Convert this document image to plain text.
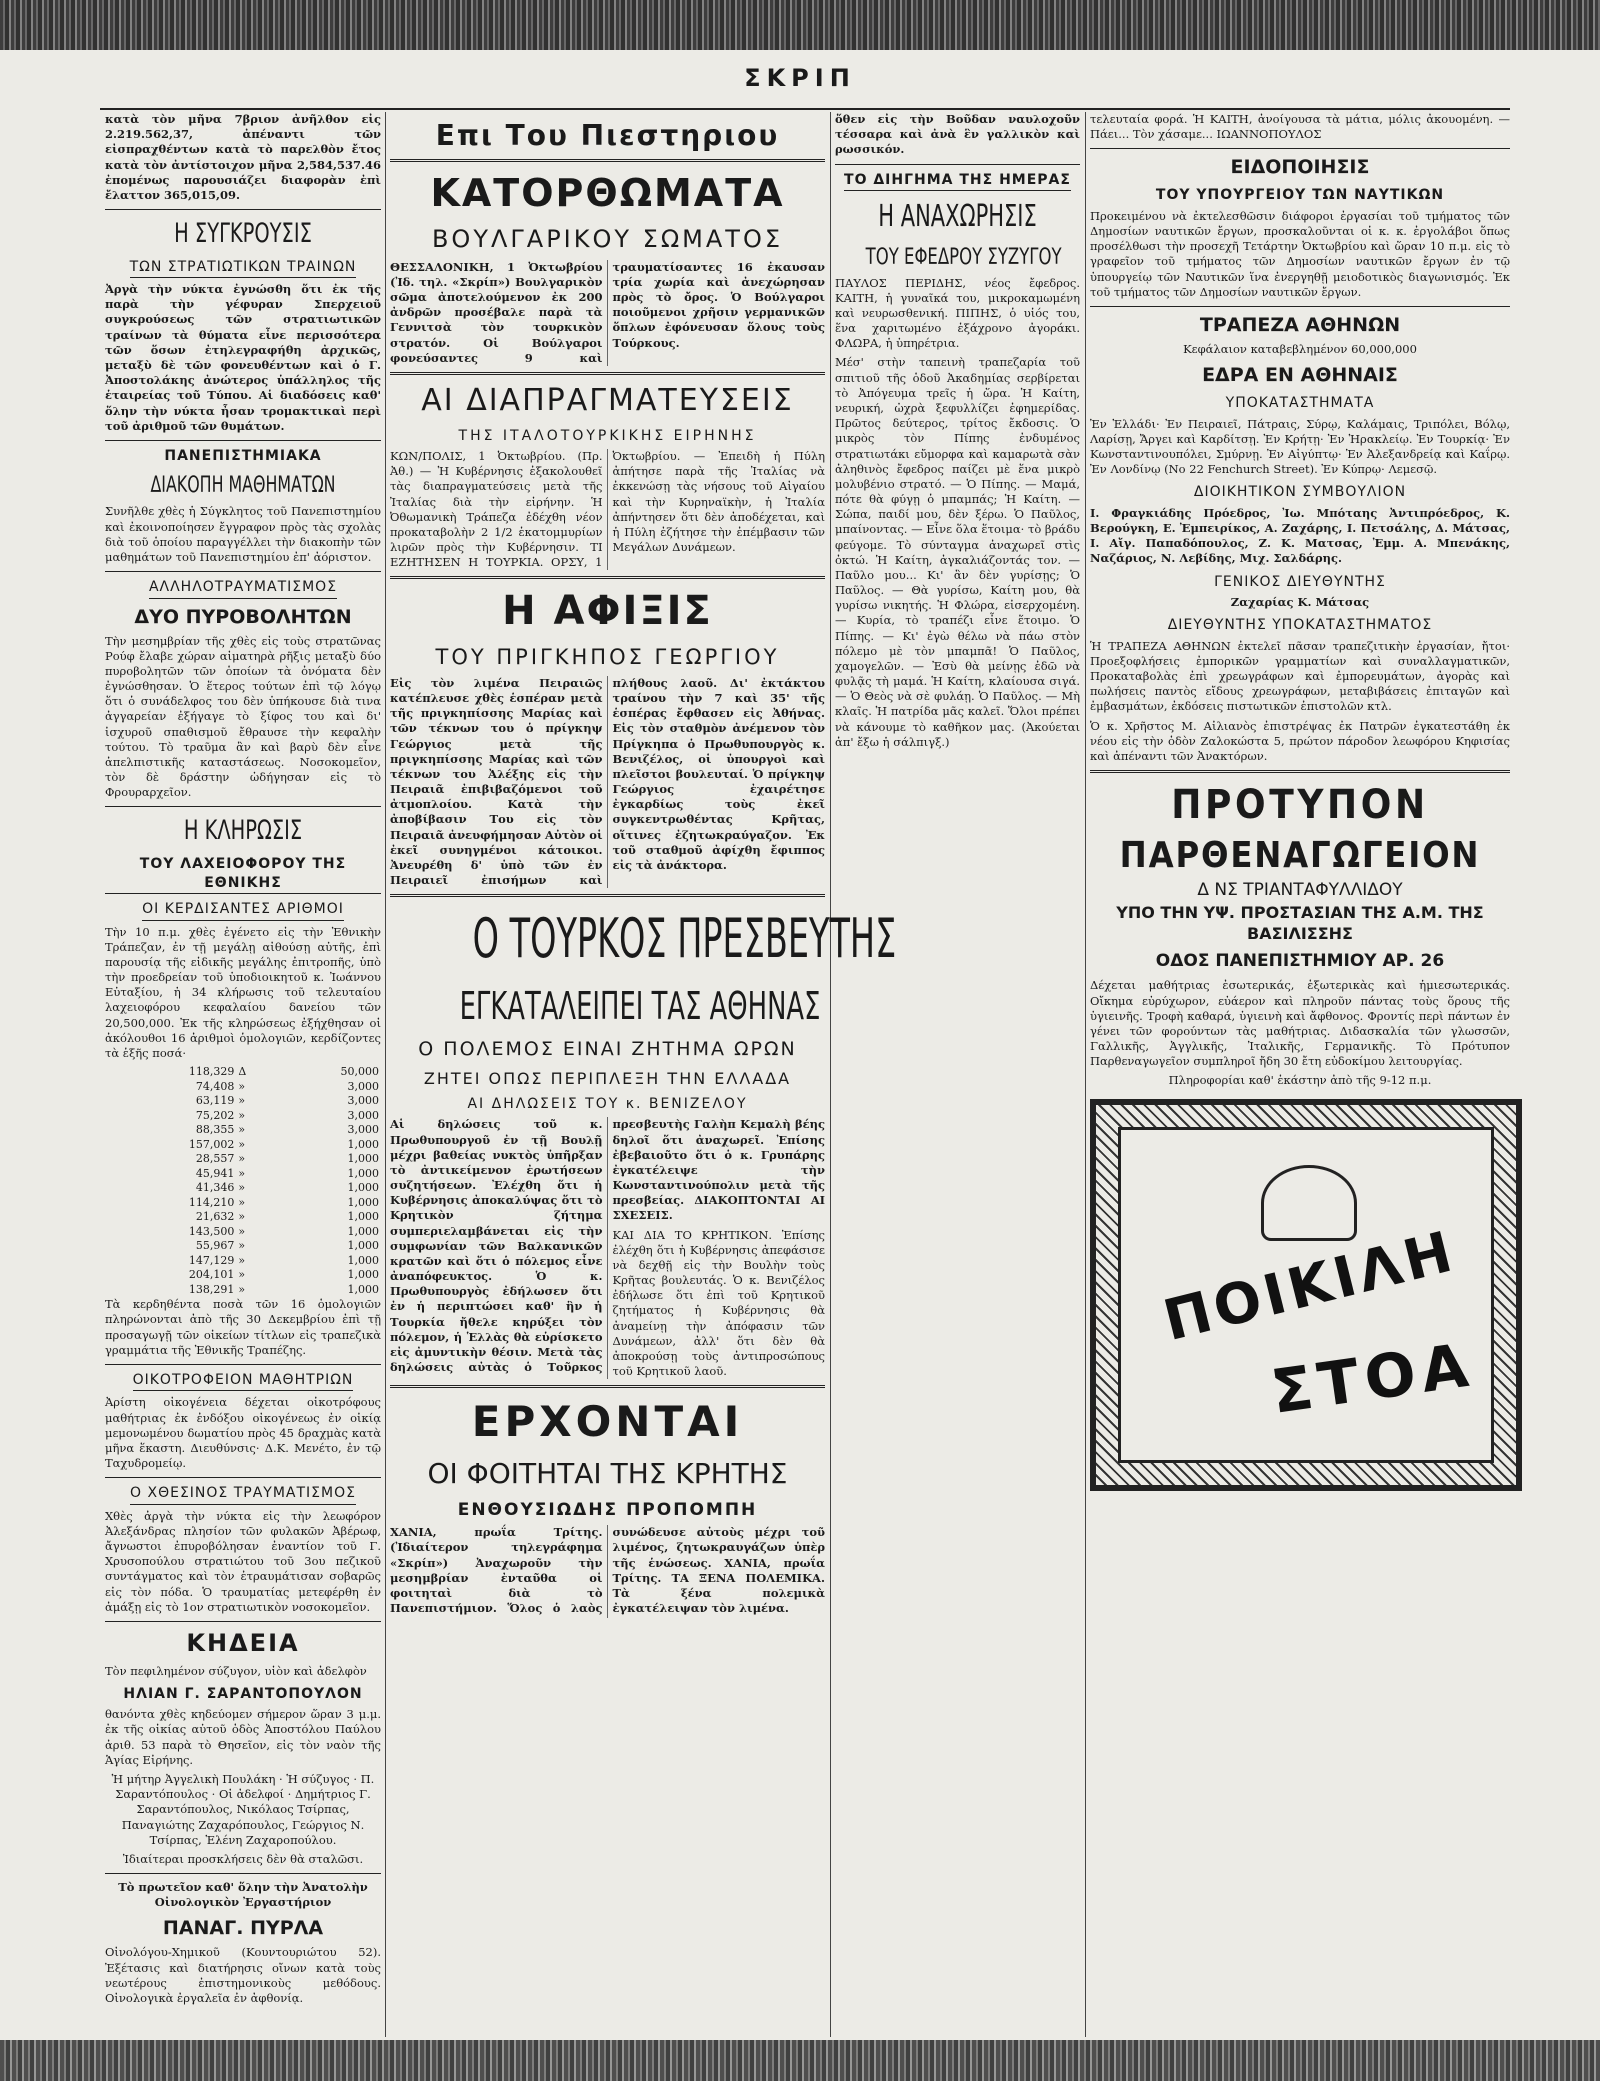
ΣΚΡΙΠ

κατὰ τὸν μῆνα 7βριον ἀνῆλθον εἰς 2.219.562,37, ἀπέναντι τῶν εἰσπραχθέντων κατὰ τὸ παρελθὸν ἔτος κατὰ τὸν ἀντίστοιχον μῆνα 2,584,537.46 ἐπομένως παρουσιάζει διαφορὰν ἐπὶ ἔλαττον 365,015,09.

Η ΣΥΓΚΡΟΥΣΙΣ
ΤΩΝ ΣΤΡΑΤΙΩΤΙΚΩΝ ΤΡΑΙΝΩΝ

Ἀργὰ τὴν νύκτα ἐγνώσθη ὅτι ἐκ τῆς παρὰ τὴν γέφυραν Σπερχειοῦ συγκρούσεως τῶν στρατιωτικῶν τραίνων τὰ θύματα εἶνε περισσότερα τῶν ὅσων ἐτηλεγραφήθη ἀρχικῶς, μεταξὺ δὲ τῶν φονευθέντων καὶ ὁ Γ. Ἀποστολάκης ἀνώτερος ὑπάλληλος τῆς ἑταιρείας τοῦ Τύπου. Αἱ διαδόσεις καθ' ὅλην τὴν νύκτα ἦσαν τρομακτικαὶ περὶ τοῦ ἀριθμοῦ τῶν θυμάτων.

ΠΑΝΕΠΙΣΤΗΜΙΑΚΑ
ΔΙΑΚΟΠΗ ΜΑΘΗΜΑΤΩΝ

Συνῆλθε χθὲς ἡ Σύγκλητος τοῦ Πανεπιστημίου καὶ ἐκοινοποίησεν ἔγγραφον πρὸς τὰς σχολὰς διὰ τοῦ ὁποίου παραγγέλλει τὴν διακοπὴν τῶν μαθημάτων τοῦ Πανεπιστημίου ἐπ' ἀόριστον.

ΑΛΛΗΛΟΤΡΑΥΜΑΤΙΣΜΟΣ
ΔΥΟ ΠΥΡΟΒΟΛΗΤΩΝ

Τὴν μεσημβρίαν τῆς χθὲς εἰς τοὺς στρατῶνας Ρούφ ἔλαβε χώραν αἱματηρὰ ρῆξις μεταξὺ δύο πυροβολητῶν τῶν ὁποίων τὰ ὀνόματα δὲν ἐγνώσθησαν. Ὁ ἕτερος τούτων ἐπὶ τῷ λόγῳ ὅτι ὁ συνάδελφος του δὲν ὑπήκουσε διὰ τινα ἀγγαρείαν ἐξήγαγε τὸ ξίφος του καὶ δι' ἰσχυροῦ σπαθισμοῦ ἔθραυσε τὴν κεφαλὴν τούτου. Τὸ τραῦμα ἂν καὶ βαρὺ δὲν εἶνε ἀπελπιστικῆς καταστάσεως. Νοσοκομεῖον, τὸν δὲ δράστην ὡδήγησαν εἰς τὸ Φρουραρχεῖον.

Η ΚΛΗΡΩΣΙΣ
ΤΟΥ ΛΑΧΕΙΟΦΟΡΟΥ ΤΗΣ ΕΘΝΙΚΗΣ
ΟΙ ΚΕΡΔΙΣΑΝΤΕΣ ΑΡΙΘΜΟΙ

Τὴν 10 π.μ. χθὲς ἐγένετο εἰς τὴν Ἐθνικὴν Τράπεζαν, ἐν τῇ μεγάλῃ αἰθούσῃ αὐτῆς, ἐπὶ παρουσίᾳ τῆς εἰδικῆς μεγάλης ἐπιτροπῆς, ὑπὸ τὴν προεδρείαν τοῦ ὑποδιοικητοῦ κ. Ἰωάννου Εὐταξίου, ἡ 34 κλήρωσις τοῦ τελευταίου λαχειοφόρου κεφαλαίου δανείου τῶν 20,500,000. Ἐκ τῆς κληρώσεως ἐξήχθησαν οἱ ἀκόλουθοι 16 ἀριθμοὶ ὁμολογιῶν, κερδίζοντες τὰ ἑξῆς ποσά·

118,329	Δ	50,000
74,408	»	3,000
63,119	»	3,000
75,202	»	3,000
88,355	»	3,000
157,002	»	1,000
28,557	»	1,000
45,941	»	1,000
41,346	»	1,000
114,210	»	1,000
21,632	»	1,000
143,500	»	1,000
55,967	»	1,000
147,129	»	1,000
204,101	»	1,000
138,291	»	1,000

Τὰ κερδηθέντα ποσὰ τῶν 16 ὁμολογιῶν πληρώνονται ἀπὸ τῆς 30 Δεκεμβρίου ἐπὶ τῇ προσαγωγῇ τῶν οἰκείων τίτλων εἰς τραπεζικὰ γραμμάτια τῆς Ἐθνικῆς Τραπέζης.

ΟΙΚΟΤΡΟΦΕΙΟΝ ΜΑΘΗΤΡΙΩΝ

Ἀρίστη οἰκογένεια δέχεται οἰκοτρόφους μαθήτριας ἐκ ἐνδόξου οἰκογένεως ἐν οἰκίᾳ μεμονωμένου δωματίου πρὸς 45 δραχμὰς κατὰ μῆνα ἕκαστη. Διευθύνσις· Δ.Κ. Μενέτο, ἐν τῷ Ταχυδρομείῳ.

Ο ΧΘΕΣΙΝΟΣ ΤΡΑΥΜΑΤΙΣΜΟΣ

Χθὲς ἀργὰ τὴν νύκτα εἰς τὴν λεωφόρον Ἀλεξάνδρας πλησίον τῶν φυλακῶν Ἀβέρωφ, ἄγνωστοι ἐπυροβόλησαν ἐναντίον τοῦ Γ. Χρυσοπούλου στρατιώτου τοῦ 3ου πεζικοῦ συντάγματος καὶ τὸν ἐτραυμάτισαν σοβαρῶς εἰς τὸν πόδα. Ὁ τραυματίας μετεφέρθη ἐν ἀμάξῃ εἰς τὸ 1ον στρατιωτικὸν νοσοκομεῖον.

ΚΗΔΕΙΑ

Τὸν πεφιλημένον σύζυγον, υἱὸν καὶ ἀδελφὸν

ΗΛΙΑΝ Γ. ΣΑΡΑΝΤΟΠΟΥΛΟΝ

θανόντα χθὲς κηδεύομεν σήμερον ὥραν 3 μ.μ. ἐκ τῆς οἰκίας αὐτοῦ ὁδὸς Ἀποστόλου Παύλου ἀριθ. 53 παρὰ τὸ Θησεῖον, εἰς τὸν ναὸν τῆς Ἁγίας Εἰρήνης.

Ἡ μήτηρ Ἀγγελικὴ Πουλάκη · Ἡ σύζυγος · Π. Σαραντόπουλος · Οἱ ἀδελφοί · Δημήτριος Γ. Σαραντόπουλος, Νικόλαος Τσίρπας, Παναγιώτης Ζαχαρόπουλος, Γεώργιος Ν. Τσίρπας, Ἑλένη Ζαχαροπούλου.

Ἰδιαίτεραι προσκλήσεις δὲν θὰ σταλῶσι.

Τὸ πρωτεῖον καθ' ὅλην τὴν Ἀνατολὴν Οἰνολογικὸν Ἐργαστήριον

ΠΑΝΑΓ. ΠΥΡΛΑ

Οἰνολόγου-Χημικοῦ (Κουντουριώτου 52). Ἐξέτασις καὶ διατήρησις οἴνων κατὰ τοὺς νεωτέρους ἐπιστημονικοὺς μεθόδους. Οἰνολογικὰ ἐργαλεῖα ἐν ἀφθονίᾳ.

Επι Του Πιεστηριου
ΚΑΤΟΡΘΩΜΑΤΑ
ΒΟΥΛΓΑΡΙΚΟΥ ΣΩΜΑΤΟΣ

ΘΕΣΣΑΛΟΝΙΚΗ, 1 Ὀκτωβρίου (Ἰδ. τηλ. «Σκρίπ») Βουλγαρικὸν σῶμα ἀποτελούμενον ἐκ 200 ἀνδρῶν προσέβαλε παρὰ τὰ Γεννιτσὰ τὸν τουρκικὸν στρατόν. Οἱ Βούλγαροι φονεύσαντες 9 καὶ τραυματίσαντες 16 ἐκαυσαν τρία χωρία καὶ ἀνεχώρησαν πρὸς τὸ ὄρος. Ὁ Βούλγαροι ποιοῦμενοι χρῆσιν γερμανικῶν ὅπλων ἐφόνευσαν ὅλους τοὺς Τούρκους.

ΑΙ ΔΙΑΠΡΑΓΜΑΤΕΥΣΕΙΣ
ΤΗΣ ΙΤΑΛΟΤΟΥΡΚΙΚΗΣ ΕΙΡΗΝΗΣ

ΚΩΝ/ΠΟΛΙΣ, 1 Ὀκτωβρίου. (Πρ. Ἀθ.) — Ἡ Κυβέρνησις ἐξακολουθεῖ τὰς διαπραγματεύσεις μετὰ τῆς Ἰταλίας διὰ τὴν εἰρήνην. Ἡ Ὀθωμανικὴ Τράπεζα ἐδέχθη νέον προκαταβολὴν 2 1/2 ἑκατομμυρίων λιρῶν πρὸς τὴν Κυβέρνησιν. ΤΙ ΕΖΗΤΗΣΕΝ Η ΤΟΥΡΚΙΑ. ΟΡΣΥ, 1 Ὀκτωβρίου. — Ἐπειδὴ ἡ Πύλη ἀπήτησε παρὰ τῆς Ἰταλίας νὰ ἐκκενώσῃ τὰς νήσους τοῦ Αἰγαίου καὶ τὴν Κυρηναϊκὴν, ἡ Ἰταλία ἀπήντησεν ὅτι δὲν ἀποδέχεται, καὶ ἡ Πύλη ἐζήτησε τὴν ἐπέμβασιν τῶν Μεγάλων Δυνάμεων.

Η ΑΦΙΞΙΣ
ΤΟΥ ΠΡΙΓΚΗΠΟΣ ΓΕΩΡΓΙΟΥ

Εἰς τὸν λιμένα Πειραιῶς κατέπλευσε χθὲς ἑσπέραν μετὰ τῆς πριγκηπίσσης Μαρίας καὶ τῶν τέκνων του ὁ πρίγκηψ Γεώργιος μετὰ τῆς πριγκηπίσσης Μαρίας καὶ τῶν τέκνων του Ἀλέξης εἰς τὴν Πειραιᾶ ἐπιβιβαζόμενοι τοῦ ἀτμοπλοίου. Κατὰ τὴν ἀποβίβασιν Του εἰς τὸν Πειραιᾶ ἀνευφήμησαν Αὐτὸν οἱ ἐκεῖ συνηγμένοι κάτοικοι. Ἀνευρέθη δ' ὑπὸ τῶν ἐν Πειραιεῖ ἐπισήμων καὶ πλήθους λαοῦ. Δι' ἐκτάκτου τραίνου τὴν 7 καὶ 35' τῆς ἑσπέρας ἔφθασεν εἰς Ἀθήνας. Εἰς τὸν σταθμὸν ἀνέμενον τὸν Πρίγκηπα ὁ Πρωθυπουργὸς κ. Βενιζέλος, οἱ ὑπουργοὶ καὶ πλεῖστοι βουλευταί. Ὁ πρίγκηψ Γεώργιος ἐχαιρέτησε ἐγκαρδίως τοὺς ἐκεῖ συγκεντρωθέντας Κρῆτας, οἵτινες ἐζητωκραύγαζον. Ἐκ τοῦ σταθμοῦ ἀφίχθη ἔφιππος εἰς τὰ ἀνάκτορα.

Ο ΤΟΥΡΚΟΣ ΠΡΕΣΒΕΥΤΗΣ
ΕΓΚΑΤΑΛΕΙΠΕΙ ΤΑΣ ΑΘΗΝΑΣ
Ο ΠΟΛΕΜΟΣ ΕΙΝΑΙ ΖΗΤΗΜΑ ΩΡΩΝ
ΖΗΤΕΙ ΟΠΩΣ ΠΕΡΙΠΛΕΞΗ ΤΗΝ ΕΛΛΑΔΑ
ΑΙ ΔΗΛΩΣΕΙΣ ΤΟΥ κ. ΒΕΝΙΖΕΛΟΥ

Αἱ δηλώσεις τοῦ κ. Πρωθυπουργοῦ ἐν τῇ Βουλῇ μέχρι βαθείας νυκτὸς ὑπῆρξαν τὸ ἀντικείμενον ἐρωτήσεων συζητήσεων. Ἐλέχθη ὅτι ἡ Κυβέρνησις ἀποκαλύψας ὅτι τὸ Κρητικὸν ζήτημα συμπεριελαμβάνεται εἰς τὴν συμφωνίαν τῶν Βαλκανικῶν κρατῶν καὶ ὅτι ὁ πόλεμος εἶνε ἀναπόφευκτος. Ὁ κ. Πρωθυπουργὸς ἐδήλωσεν ὅτι ἐν ἡ περιπτώσει καθ' ἣν ἡ Τουρκία ἤθελε κηρύξει τὸν πόλεμον, ἡ Ἑλλὰς θὰ εὑρίσκετο εἰς ἀμυντικὴν θέσιν. Μετὰ τὰς δηλώσεις αὐτὰς ὁ Τοῦρκος πρεσβευτὴς Γαλὴπ Κεμαλὴ βέης δηλοῖ ὅτι ἀναχωρεῖ. Ἐπίσης ἐβεβαιοῦτο ὅτι ὁ κ. Γρυπάρης ἐγκατέλειψε τὴν Κωνσταντινούπολιν μετὰ τῆς πρεσβείας. ΔΙΑΚΟΠΤΟΝΤΑΙ ΑΙ ΣΧΕΣΕΙΣ.

ΚΑΙ ΔΙΑ ΤΟ ΚΡΗΤΙΚΟΝ. Ἐπίσης ἐλέχθη ὅτι ἡ Κυβέρνησις ἀπεφάσισε νὰ δεχθῇ εἰς τὴν Βουλὴν τοὺς Κρῆτας βουλευτάς. Ὁ κ. Βενιζέλος ἐδήλωσε ὅτι ἐπὶ τοῦ Κρητικοῦ ζητήματος ἡ Κυβέρνησις θὰ ἀναμείνῃ τὴν ἀπόφασιν τῶν Δυνάμεων, ἀλλ' ὅτι δὲν θὰ ἀποκρούσῃ τοὺς ἀντιπροσώπους τοῦ Κρητικοῦ λαοῦ.

ΕΡΧΟΝΤΑΙ
ΟΙ ΦΟΙΤΗΤΑΙ ΤΗΣ ΚΡΗΤΗΣ
ΕΝΘΟΥΣΙΩΔΗΣ ΠΡΟΠΟΜΠΗ

ΧΑΝΙΑ, πρωΐα Τρίτης. (Ἰδιαίτερον τηλεγράφημα «Σκρίπ») Ἀναχωροῦν τὴν μεσημβρίαν ἐνταῦθα οἱ φοιτηταὶ διὰ τὸ Πανεπιστήμιον. Ὅλος ὁ λαὸς συνώδευσε αὐτοὺς μέχρι τοῦ λιμένος, ζητωκραυγάζων ὑπὲρ τῆς ἑνώσεως. ΧΑΝΙΑ, πρωΐα Τρίτης. ΤΑ ΞΕΝΑ ΠΟΛΕΜΙΚΑ. Τὰ ξένα πολεμικὰ ἐγκατέλειψαν τὸν λιμένα.

ὅθεν εἰς τὴν Βοῦδαν ναυλοχοῦν τέσσαρα καὶ ἀνὰ ἓν γαλλικὸν καὶ ρωσσικόν.

ΤΟ ΔΙΗΓΗΜΑ ΤΗΣ ΗΜΕΡΑΣ
Η ΑΝΑΧΩΡΗΣΙΣ
ΤΟΥ ΕΦΕΔΡΟΥ ΣΥΖΥΓΟΥ

ΠΑΥΛΟΣ ΠΕΡΙΔΗΣ, νέος ἔφεδρος. ΚΑΙΤΗ, ἡ γυναῖκά του, μικροκαμωμένη καὶ νευρωσθενική. ΠΙΠΗΣ, ὁ υἱός του, ἕνα χαριτωμένο ἑξάχρονο ἀγοράκι. ΦΛΩΡΑ, ἡ ὑπηρέτρια.

Μέσ' στὴν ταπεινὴ τραπεζαρία τοῦ σπιτιοῦ τῆς ὁδοῦ Ἀκαδημίας σερβίρεται τὸ Ἀπόγευμα τρεῖς ἡ ὥρα. Ἡ Καίτη, νευρική, ὠχρὰ ξεφυλλίζει ἐφημερίδας. Πρῶτος δεύτερος, τρίτος ἔκδοσις. Ὁ μικρὸς τὸν Πίπης ἐνδυμένος στρατιωτάκι εὔμορφα καὶ καμαρωτὰ σὰν ἀληθινὸς ἔφεδρος παίζει μὲ ἕνα μικρὸ μολυβένιο στρατό. — Ὁ Πίπης. — Μαμά, πότε θὰ φύγῃ ὁ μπαμπάς; Ἡ Καίτη. — Σώπα, παιδί μου, δὲν ξέρω. Ὁ Παῦλος, μπαίνοντας. — Εἶνε ὅλα ἕτοιμα· τὸ βράδυ φεύγομε. Τὸ σύνταγμα ἀναχωρεῖ στὶς ὀκτώ. Ἡ Καίτη, ἀγκαλιάζοντάς τον. — Παῦλο μου... Κι' ἂν δὲν γυρίσῃς; Ὁ Παῦλος. — Θὰ γυρίσω, Καίτη μου, θὰ γυρίσω νικητής. Ἡ Φλώρα, εἰσερχομένη. — Κυρία, τὸ τραπέζι εἶνε ἕτοιμο. Ὁ Πίπης. — Κι' ἐγὼ θέλω νὰ πάω στὸν πόλεμο μὲ τὸν μπαμπᾶ! Ὁ Παῦλος, χαμογελῶν. — Ἐσὺ θὰ μείνῃς ἐδῶ νὰ φυλᾷς τὴ μαμά. Ἡ Καίτη, κλαίουσα σιγά. — Ὁ Θεὸς νὰ σὲ φυλάῃ. Ὁ Παῦλος. — Μὴ κλαῖς. Ἡ πατρίδα μᾶς καλεῖ. Ὅλοι πρέπει νὰ κάνουμε τὸ καθῆκον μας. (Ἀκούεται ἀπ' ἔξω ἡ σάλπιγξ.)

τελευταία φορά. Ἡ ΚΑΙΤΗ, ἀνοίγουσα τὰ μάτια, μόλις ἀκουομένη. — Πάει... Τὸν χάσαμε... ΙΩΑΝΝΟΠΟΥΛΟΣ

ΕΙΔΟΠΟΙΗΣΙΣ
ΤΟΥ ΥΠΟΥΡΓΕΙΟΥ ΤΩΝ ΝΑΥΤΙΚΩΝ

Προκειμένου νὰ ἐκτελεσθῶσιν διάφοροι ἐργασίαι τοῦ τμήματος τῶν Δημοσίων ναυτικῶν ἔργων, προσκαλοῦνται οἱ κ. κ. ἐργολάβοι ὅπως προσέλθωσι τὴν προσεχῆ Τετάρτην Ὀκτωβρίου καὶ ὥραν 10 π.μ. εἰς τὸ γραφεῖον τοῦ τμήματος τῶν Δημοσίων ναυτικῶν ἔργων ἐν τῷ ὑπουργείῳ τῶν Ναυτικῶν ἵνα ἐνεργηθῇ μειοδοτικὸς διαγωνισμός. Ἐκ τοῦ τμήματος τῶν Δημοσίων ναυτικῶν ἔργων.

ΤΡΑΠΕΖΑ ΑΘΗΝΩΝ

Κεφάλαιον καταβεβλημένον 60,000,000

ΕΔΡΑ ΕΝ ΑΘΗΝΑΙΣ
ΥΠΟΚΑΤΑΣΤΗΜΑΤΑ

Ἐν Ἑλλάδι· Ἐν Πειραιεῖ, Πάτραις, Σύρῳ, Καλάμαις, Τριπόλει, Βόλῳ, Λαρίσῃ, Ἄργει καὶ Καρδίτσῃ. Ἐν Κρήτῃ· Ἐν Ἡρακλείῳ. Ἐν Τουρκίᾳ· Ἐν Κωνσταντινουπόλει, Σμύρνῃ. Ἐν Αἰγύπτῳ· Ἐν Ἀλεξανδρείᾳ καὶ Καΐρῳ. Ἐν Λονδίνῳ (No 22 Fenchurch Street). Ἐν Κύπρῳ· Λεμεσῷ.

ΔΙΟΙΚΗΤΙΚΟΝ ΣΥΜΒΟΥΛΙΟΝ

Ι. Φραγκιάδης Πρόεδρος, Ἰω. Μπόταης Ἀντιπρόεδρος, Κ. Βερούγκη, Ε. Ἐμπειρίκος, Α. Ζαχάρης, Ι. Πετσάλης, Δ. Μάτσας, Ι. Αἴγ. Παπαδόπουλος, Ζ. Κ. Ματσας, Ἐμμ. Α. Μπενάκης, Ναζάριος, Ν. Λεβίδης, Μιχ. Σαλδάρης.

ΓΕΝΙΚΟΣ ΔΙΕΥΘΥΝΤΗΣ

Ζαχαρίας Κ. Μάτσας

ΔΙΕΥΘΥΝΤΗΣ ΥΠΟΚΑΤΑΣΤΗΜΑΤΟΣ

Ἡ ΤΡΑΠΕΖΑ ΑΘΗΝΩΝ ἐκτελεῖ πᾶσαν τραπεζιτικὴν ἐργασίαν, ἤτοι· Προεξοφλήσεις ἐμπορικῶν γραμματίων καὶ συναλλαγματικῶν, Προκαταβολὰς ἐπὶ χρεωγράφων καὶ ἐμπορευμάτων, ἀγορὰς καὶ πωλήσεις παντὸς εἴδους χρεωγράφων, μεταβιβάσεις ἐπιταγῶν καὶ ἐμβασμάτων, ἐκδόσεις πιστωτικῶν ἐπιστολῶν κτλ.

Ὁ κ. Χρῆστος Μ. Αἰλιανὸς ἐπιστρέψας ἐκ Πατρῶν ἐγκατεστάθη ἐκ νέου εἰς τὴν ὁδὸν Ζαλοκώστα 5, πρώτον πάροδον λεωφόρου Κηφισίας καὶ ἀπέναντι τῶν Ἀνακτόρων.

ΠΡΟΤΥΠΟΝ
ΠΑΡΘΕΝΑΓΩΓΕΙΟΝ
Δ ΝΣ ΤΡΙΑΝΤΑΦΥΛΛΙΔΟΥ
ΥΠΟ ΤΗΝ ΥΨ. ΠΡΟΣΤΑΣΙΑΝ ΤΗΣ Α.Μ. ΤΗΣ ΒΑΣΙΛΙΣΣΗΣ
ΟΔΟΣ ΠΑΝΕΠΙΣΤΗΜΙΟΥ ΑΡ. 26

Δέχεται μαθήτριας ἐσωτερικάς, ἑξωτερικὰς καὶ ἡμιεσωτερικάς. Οἴκημα εὐρύχωρον, εὐάερον καὶ πληροῦν πάντας τοὺς ὅρους τῆς ὑγιεινῆς. Τροφὴ καθαρά, ὑγιεινὴ καὶ ἄφθονος. Φροντίς περὶ πάντων ἐν γένει τῶν φορούντων τὰς μαθήτριας. Διδασκαλία τῶν γλωσσῶν, Γαλλικῆς, Ἀγγλικῆς, Ἰταλικῆς, Γερμανικῆς. Τὸ Πρότυπον Παρθεναγωγεῖον συμπληροῖ ἤδη 30 ἔτη εὐδοκίμου λειτουργίας.

Πληροφορίαι καθ' ἑκάστην ἀπὸ τῆς 9-12 π.μ.

ΠΟΙΚΙΛΗ
ΣΤΟΑ
